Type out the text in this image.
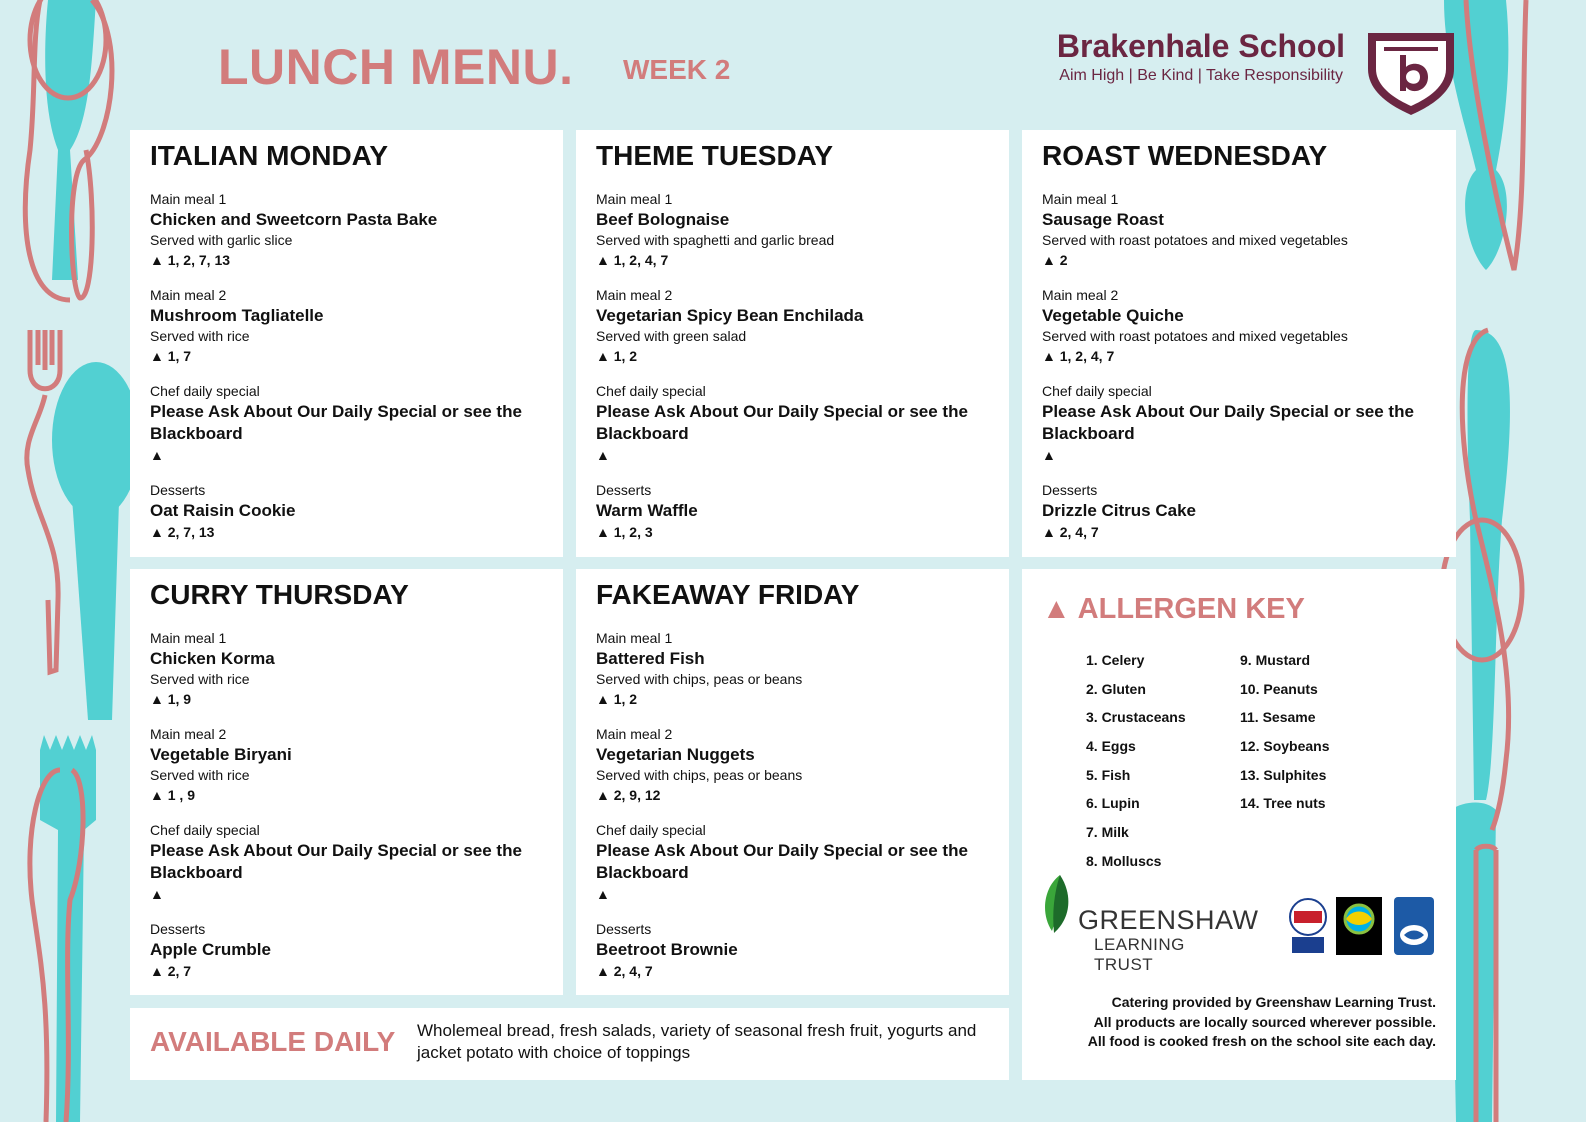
LUNCH MENU. WEEK 2
Brakenhale School
Aim High | Be Kind | Take Responsibility
ITALIAN MONDAY
Main meal 1
Chicken and Sweetcorn Pasta Bake
Served with garlic slice
▲ 1, 2, 7, 13
Main meal 2
Mushroom Tagliatelle
Served with rice
▲ 1, 7
Chef daily special
Please Ask About Our Daily Special or see the Blackboard
▲
Desserts
Oat Raisin Cookie
▲ 2, 7, 13
THEME TUESDAY
Main meal 1
Beef Bolognaise
Served with spaghetti and garlic bread
▲ 1, 2, 4, 7
Main meal 2
Vegetarian Spicy Bean Enchilada
Served with green salad
▲ 1, 2
Chef daily special
Please Ask About Our Daily Special or see the Blackboard
▲
Desserts
Warm Waffle
▲ 1, 2, 3
ROAST WEDNESDAY
Main meal 1
Sausage Roast
Served with roast potatoes and mixed vegetables
▲ 2
Main meal 2
Vegetable Quiche
Served with roast potatoes and mixed vegetables
▲ 1, 2, 4, 7
Chef daily special
Please Ask About Our Daily Special or see the Blackboard
▲
Desserts
Drizzle Citrus Cake
▲ 2, 4, 7
CURRY THURSDAY
Main meal 1
Chicken Korma
Served with rice
▲ 1, 9
Main meal 2
Vegetable Biryani
Served with rice
▲ 1 , 9
Chef daily special
Please Ask About Our Daily Special or see the Blackboard
▲
Desserts
Apple Crumble
▲ 2, 7
FAKEAWAY FRIDAY
Main meal 1
Battered Fish
Served with chips, peas or beans
▲ 1, 2
Main meal 2
Vegetarian Nuggets
Served with chips, peas or beans
▲ 2, 9, 12
Chef daily special
Please Ask About Our Daily Special or see the Blackboard
▲
Desserts
Beetroot Brownie
▲ 2, 4, 7
▲ ALLERGEN KEY
1. Celery
2. Gluten
3. Crustaceans
4. Eggs
5. Fish
6. Lupin
7. Milk
8. Molluscs
9. Mustard
10. Peanuts
11. Sesame
12. Soybeans
13. Sulphites
14. Tree nuts
GREENSHAW
LEARNING TRUST
Catering provided by Greenshaw Learning Trust.
All products are locally sourced wherever possible.
All food is cooked fresh on the school site each day.
AVAILABLE DAILY Wholemeal bread, fresh salads, variety of seasonal fresh fruit, yogurts and jacket potato with choice of toppings
